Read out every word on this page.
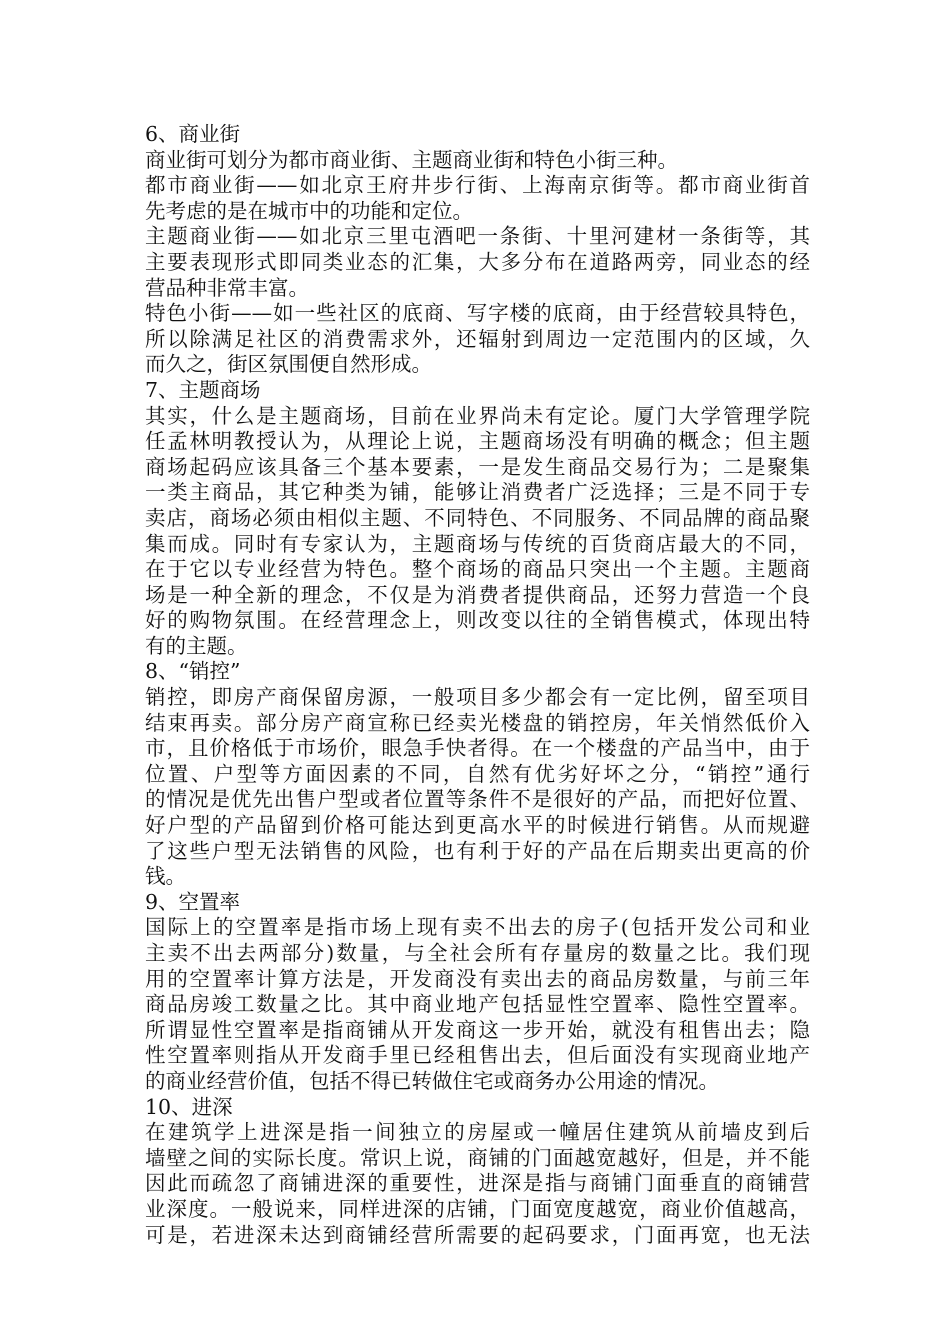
6、商业街
商业街可划分为都市商业街、主题商业街和特色小街三种。
都市商业街——如北京王府井步行街、上海南京街等。都市商业街首
先考虑的是在城市中的功能和定位。
主题商业街——如北京三里屯酒吧一条街、十里河建材一条街等，其
主要表现形式即同类业态的汇集，大多分布在道路两旁，同业态的经
营品种非常丰富。
特色小街——如一些社区的底商、写字楼的底商，由于经营较具特色，
所以除满足社区的消费需求外，还辐射到周边一定范围内的区域，久
而久之，街区氛围便自然形成。
7、主题商场
其实，什么是主题商场，目前在业界尚未有定论。厦门大学管理学院
任孟林明教授认为，从理论上说，主题商场没有明确的概念；但主题
商场起码应该具备三个基本要素，一是发生商品交易行为；二是聚集
一类主商品，其它种类为铺，能够让消费者广泛选择；三是不同于专
卖店，商场必须由相似主题、不同特色、不同服务、不同品牌的商品聚
集而成。同时有专家认为，主题商场与传统的百货商店最大的不同，
在于它以专业经营为特色。整个商场的商品只突出一个主题。主题商
场是一种全新的理念，不仅是为消费者提供商品，还努力营造一个良
好的购物氛围。在经营理念上，则改变以往的全销售模式，体现出特
有的主题。
8、“销控”
销控，即房产商保留房源，一般项目多少都会有一定比例，留至项目
结束再卖。部分房产商宣称已经卖光楼盘的销控房，年关悄然低价入
市，且价格低于市场价，眼急手快者得。在一个楼盘的产品当中，由于
位置、户型等方面因素的不同，自然有优劣好坏之分，“销控”通行
的情况是优先出售户型或者位置等条件不是很好的产品，而把好位置、
好户型的产品留到价格可能达到更高水平的时候进行销售。从而规避
了这些户型无法销售的风险，也有利于好的产品在后期卖出更高的价
钱。
9、空置率
国际上的空置率是指市场上现有卖不出去的房子(包括开发公司和业
主卖不出去两部分)数量，与全社会所有存量房的数量之比。我们现
用的空置率计算方法是，开发商没有卖出去的商品房数量，与前三年
商品房竣工数量之比。其中商业地产包括显性空置率、隐性空置率。
所谓显性空置率是指商铺从开发商这一步开始，就没有租售出去；隐
性空置率则指从开发商手里已经租售出去，但后面没有实现商业地产
的商业经营价值，包括不得已转做住宅或商务办公用途的情况。
10、进深
在建筑学上进深是指一间独立的房屋或一幢居住建筑从前墙皮到后
墙壁之间的实际长度。常识上说，商铺的门面越宽越好，但是，并不能
因此而疏忽了商铺进深的重要性，进深是指与商铺门面垂直的商铺营
业深度。一般说来，同样进深的店铺，门面宽度越宽，商业价值越高，
可是，若进深未达到商铺经营所需要的起码要求，门面再宽，也无法
